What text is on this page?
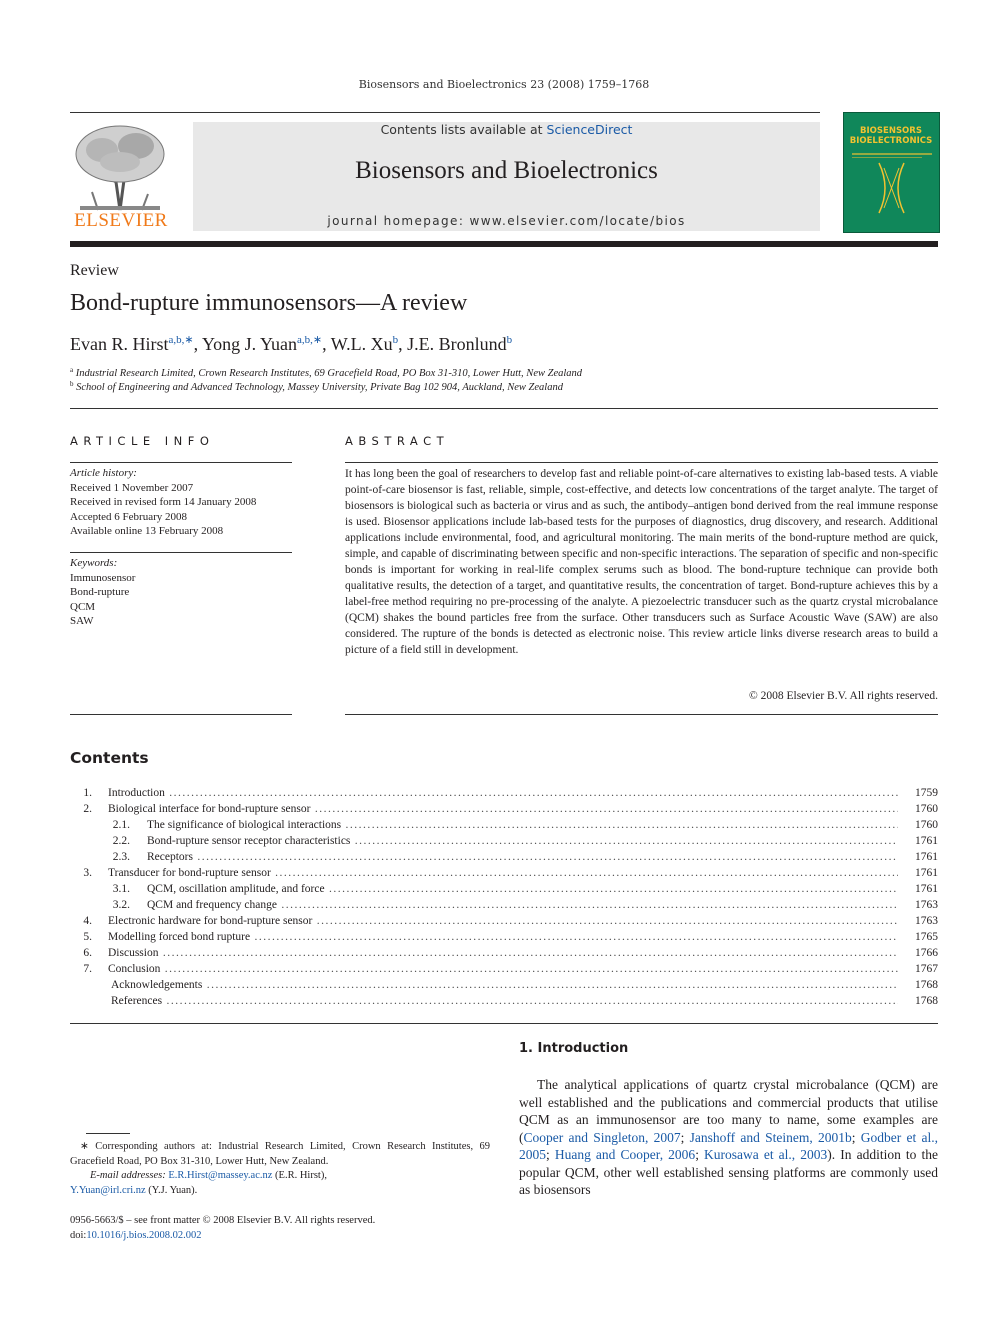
Biosensors and Bioelectronics 23 (2008) 1759–1768
ELSEVIER
Contents lists available at ScienceDirect
Biosensors and Bioelectronics
journal homepage: www.elsevier.com/locate/bios
BIOSENSORS
BIOELECTRONICS
Review
Bond-rupture immunosensors—A review
Evan R. Hirst$^{a,b,∗}$, Yong J. Yuan$^{a,b,∗}$, W.L. Xu$^b$, J.E. Bronlund$^b$
$^a$ Industrial Research Limited, Crown Research Institutes, 69 Gracefield Road, PO Box 31-310, Lower Hutt, New Zealand
$^b$ School of Engineering and Advanced Technology, Massey University, Private Bag 102 904, Auckland, New Zealand
ARTICLE INFO
Article history:
Received 1 November 2007
Received in revised form 14 January 2008
Accepted 6 February 2008
Available online 13 February 2008
Keywords:
Immunosensor
Bond-rupture
QCM
SAW
ABSTRACT
It has long been the goal of researchers to develop fast and reliable point-of-care alternatives to existing lab-based tests. A viable point-of-care biosensor is fast, reliable, simple, cost-effective, and detects low concentrations of the target analyte. The target of biosensors is biological such as bacteria or virus and as such, the antibody–antigen bond derived from the real immune response is used. Biosensor applications include lab-based tests for the purposes of diagnostics, drug discovery, and research. Additional applications include environmental, food, and agricultural monitoring. The main merits of the bond-rupture method are quick, simple, and capable of discriminating between specific and non-specific interactions. The separation of specific and non-specific bonds is important for working in real-life complex serums such as blood. The bond-rupture technique can provide both qualitative results, the detection of a target, and quantitative results, the concentration of target. Bond-rupture achieves this by a label-free method requiring no pre-processing of the analyte. A piezoelectric transducer such as the quartz crystal microbalance (QCM) shakes the bound particles free from the surface. Other transducers such as Surface Acoustic Wave (SAW) are also considered. The rupture of the bonds is detected as electronic noise. This review article links diverse research areas to build a picture of a field still in development.
© 2008 Elsevier B.V. All rights reserved.
Contents
1. Introduction .....	1759
2. Biological interface for bond-rupture sensor .....	1760
2.1. The significance of biological interactions .....	1760
2.2. Bond-rupture sensor receptor characteristics .....	1761
2.3. Receptors .....	1761
3. Transducer for bond-rupture sensor .....	1761
3.1. QCM, oscillation amplitude, and force .....	1761
3.2. QCM and frequency change .....	1763
4. Electronic hardware for bond-rupture sensor .....	1763
5. Modelling forced bond rupture .....	1765
6. Discussion .....	1766
7. Conclusion .....	1767
Acknowledgements .....	1768
References .....	1768
1. Introduction
The analytical applications of quartz crystal microbalance (QCM) are well established and the publications and commercial products that utilise QCM as an immunosensor are too many to name, some examples are (Cooper and Singleton, 2007; Janshoff and Steinem, 2001b; Godber et al., 2005; Huang and Cooper, 2006; Kurosawa et al., 2003). In addition to the popular QCM, other well established sensing platforms are commonly used as biosensors
∗ Corresponding authors at: Industrial Research Limited, Crown Research Institutes, 69 Gracefield Road, PO Box 31-310, Lower Hutt, New Zealand.
E-mail addresses: E.R.Hirst@massey.ac.nz (E.R. Hirst),
Y.Yuan@irl.cri.nz (Y.J. Yuan).
0956-5663/$ – see front matter © 2008 Elsevier B.V. All rights reserved.
doi:10.1016/j.bios.2008.02.002
